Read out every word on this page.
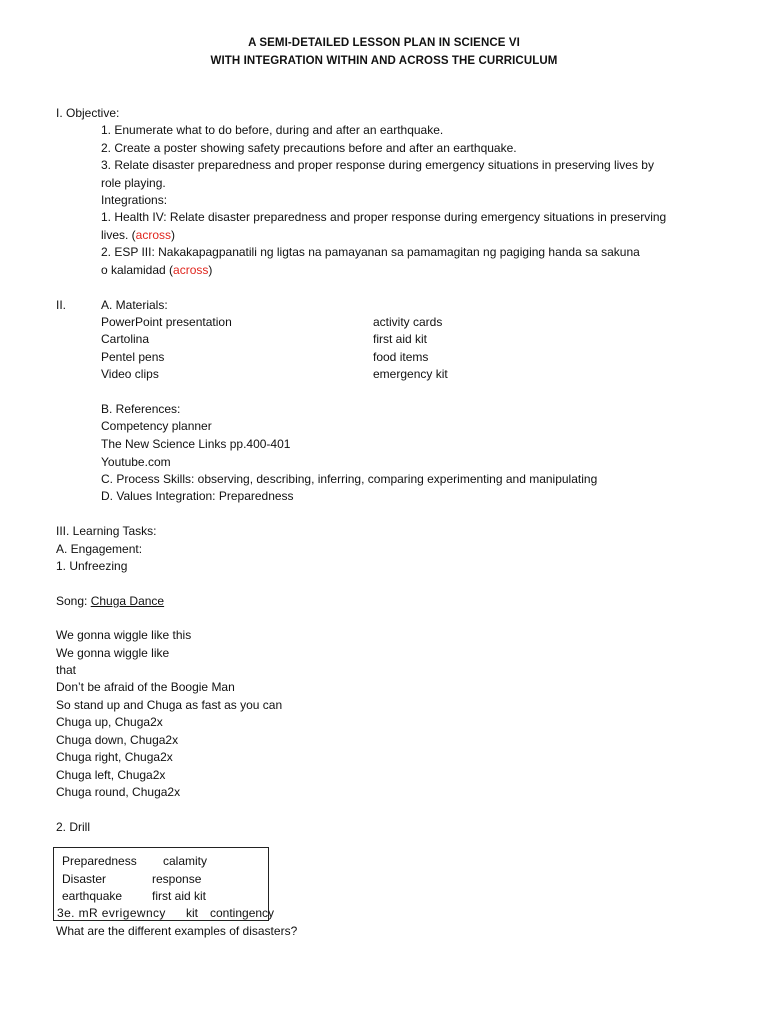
A SEMI-DETAILED LESSON PLAN IN SCIENCE VI
WITH INTEGRATION WITHIN AND ACROSS THE CURRICULUM
I. Objective:
1. Enumerate what to do before, during and after an earthquake.
2. Create a poster showing safety precautions before and after an earthquake.
3. Relate disaster preparedness and proper response during emergency situations in preserving lives by
role playing.
Integrations:
1. Health IV: Relate disaster preparedness and proper response during emergency situations in preserving
lives. (across)
2. ESP III: Nakakapagpanatili ng ligtas na pamayanan sa pamamagitan ng pagiging handa sa sakuna
o kalamidad (across)
II.	A. Materials:
PowerPoint presentation
Cartolina
Pentel pens
Video clips
activity cards
first aid kit
food items
emergency kit
B. References:
Competency planner
The New Science Links pp.400-401
Youtube.com
C. Process Skills: observing, describing, inferring, comparing experimenting and manipulating
D. Values Integration: Preparedness
III. Learning Tasks:
A. Engagement:
1. Unfreezing
Song: Chuga Dance
We gonna wiggle like this
We gonna wiggle like
that
Don’t be afraid of the Boogie Man
So stand up and Chuga as fast as you can
Chuga up, Chuga2x
Chuga down, Chuga2x
Chuga right, Chuga2x
Chuga left, Chuga2x
Chuga round, Chuga2x
2. Drill
Preparedness calamity
Disaster	response
earthquake first aid kit
3e. mR evrigewncy kit contingency
What are the different examples of disasters?
